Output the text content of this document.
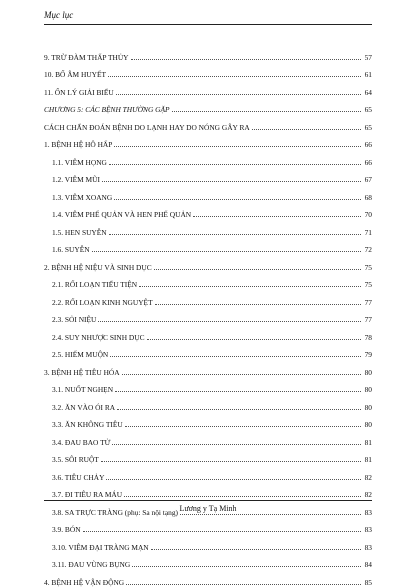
Mục lục
9. TRỪ ĐÀM THẤP THỦY	57
10. BỔ ÂM HUYẾT	61
11. ỔN LÝ GIẢI BIỂU	64
CHƯƠNG 5: CÁC BỆNH THƯỜNG GẶP	65
CÁCH CHẨN ĐOÁN BỆNH DO LẠNH HAY DO NÓNG GÂY RA	65
1. BỆNH HỆ HÔ HẤP	66
1.1. VIÊM HỌNG	66
1.2. VIÊM MŨI	67
1.3. VIÊM XOANG	68
1.4. VIÊM PHẾ QUẢN VÀ HEN PHẾ QUẢN	70
1.5. HEN SUYỄN	71
1.6. SUYỄN	72
2. BỆNH HỆ NIỆU VÀ SINH DỤC	75
2.1. RỐI LOẠN TIỂU TIỆN	75
2.2. RỐI LOẠN KINH NGUYỆT	77
2.3. SỎI NIỆU	77
2.4. SUY NHƯỢC SINH DỤC	78
2.5. HIẾM MUỘN	79
3. BỆNH HỆ TIÊU HÓA	80
3.1. NUỐT NGHẸN	80
3.2. ĂN VÀO ÓI RA	80
3.3. ĂN KHÔNG TIÊU	80
3.4. ĐAU BAO TỬ	81
3.5. SÔI RUỘT	81
3.6. TIÊU CHẢY	82
3.7. ĐI TIÊU RA MÁU	82
3.8. SA TRỰC TRÀNG (phụ: Sa nội tạng)	83
3.9. BÓN	83
3.10. VIÊM ĐẠI TRÀNG MẠN	83
3.11. ĐAU VÙNG BỤNG	84
4. BỆNH HỆ VẬN ĐỘNG	85
Lương y Tạ Minh
